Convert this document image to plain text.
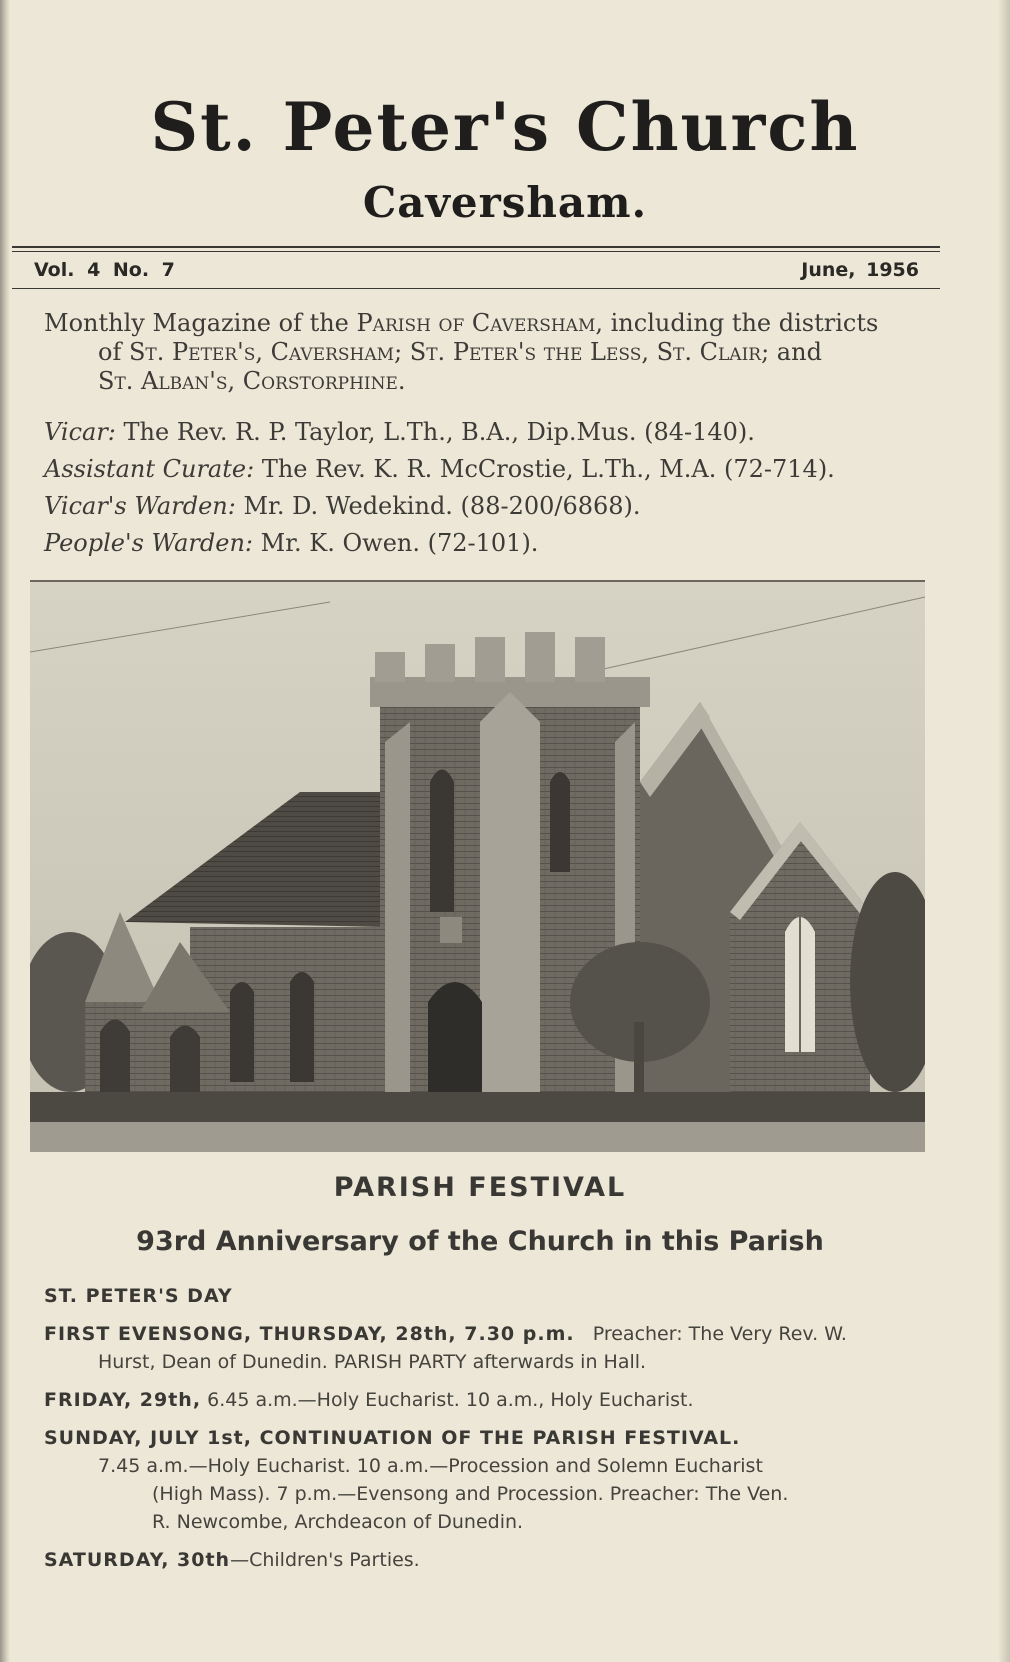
St. Peter's Church
Caversham.
Vol. 4 No. 7	June, 1956
Monthly Magazine of the Parish of Caversham, including the districts
of St. Peter's, Caversham; St. Peter's the Less, St. Clair; and
St. Alban's, Corstorphine.
Vicar: The Rev. R. P. Taylor, L.Th., B.A., Dip.Mus. (84-140).
Assistant Curate: The Rev. K. R. McCrostie, L.Th., M.A. (72-714).
Vicar's Warden: Mr. D. Wedekind. (88-200/6868).
People's Warden: Mr. K. Owen. (72-101).
PARISH FESTIVAL
93rd Anniversary of the Church in this Parish
ST. PETER'S DAY
FIRST EVENSONG, THURSDAY, 28th, 7.30 p.m. Preacher: The Very Rev. W.
Hurst, Dean of Dunedin. PARISH PARTY afterwards in Hall.
FRIDAY, 29th, 6.45 a.m.—Holy Eucharist. 10 a.m., Holy Eucharist.
SUNDAY, JULY 1st, CONTINUATION OF THE PARISH FESTIVAL.
7.45 a.m.—Holy Eucharist. 10 a.m.—Procession and Solemn Eucharist
(High Mass). 7 p.m.—Evensong and Procession. Preacher: The Ven.
R. Newcombe, Archdeacon of Dunedin.
SATURDAY, 30th—Children's Parties.
